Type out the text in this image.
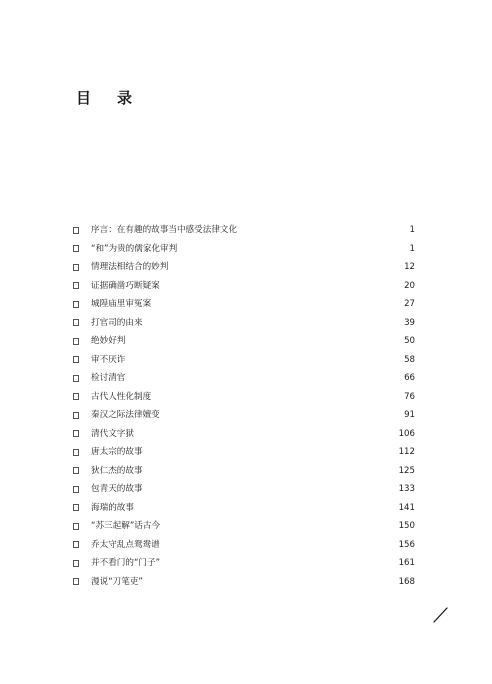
目 录
序言：在有趣的故事当中感受法律文化	1
“和”为贵的儒家化审判	1
情理法相结合的妙判	12
证据确凿巧断疑案	20
城隍庙里审冤案	27
打官司的由来	39
绝妙好判	50
审不厌诈	58
检讨清官	66
古代人性化制度	76
秦汉之际法律嬗变	91
清代文字狱	106
唐太宗的故事	112
狄仁杰的故事	125
包青天的故事	133
海瑞的故事	141
“苏三起解”话古今	150
乔太守乱点鸳鸯谱	156
并不看门的“门子”	161
漫说“刀笔吏”	168
